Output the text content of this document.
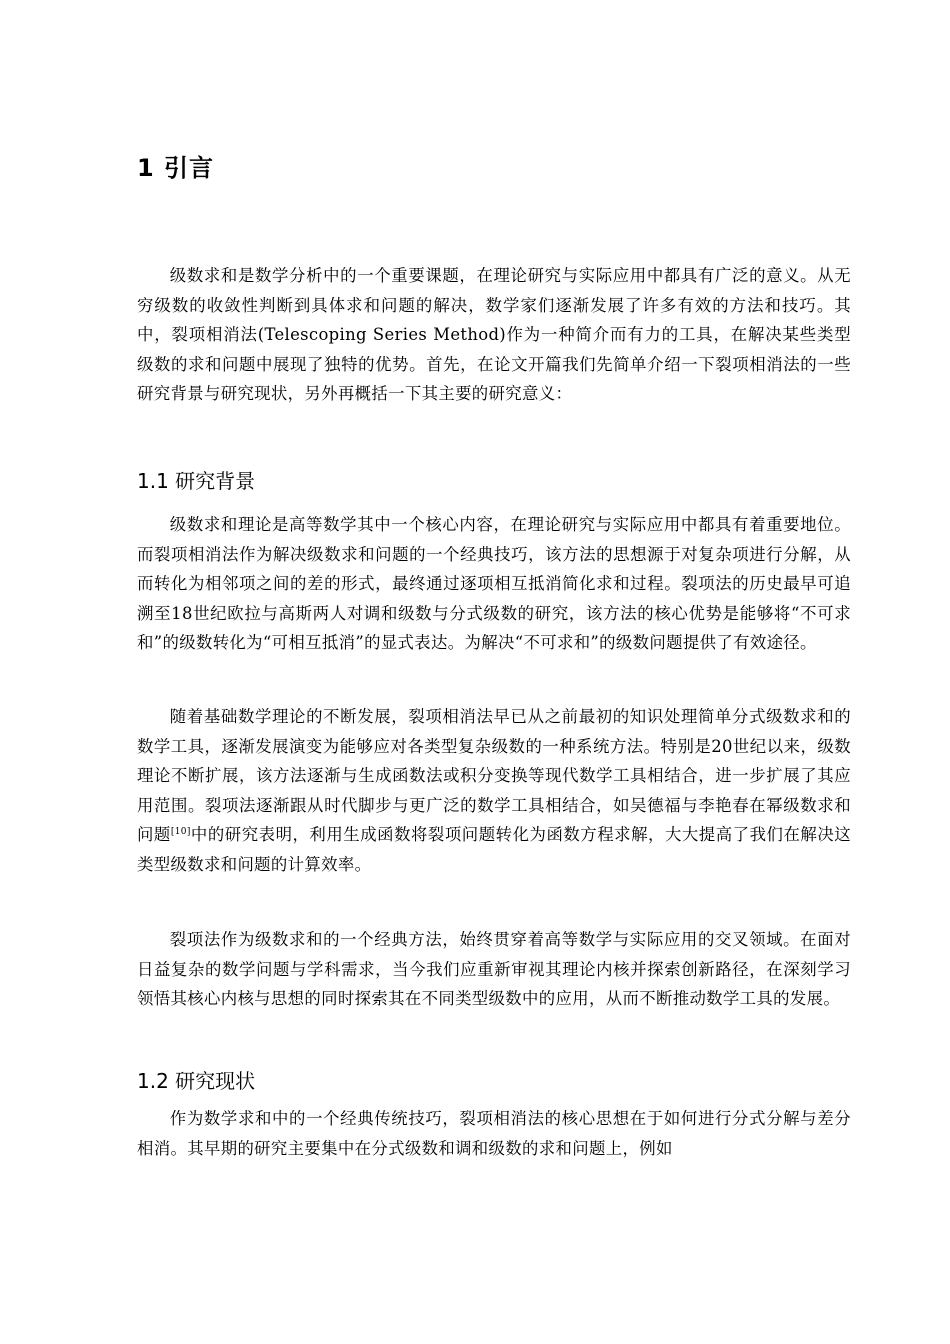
1 引言

级数求和是数学分析中的一个重要课题，在理论研究与实际应用中都具有广泛的意义。从无穷级数的收敛性判断到具体求和问题的解决，数学家们逐渐发展了许多有效的方法和技巧。其中，裂项相消法(Telescoping Series Method)作为一种简介而有力的工具，在解决某些类型级数的求和问题中展现了独特的优势。首先，在论文开篇我们先简单介绍一下裂项相消法的一些研究背景与研究现状，另外再概括一下其主要的研究意义：

1.1 研究背景

级数求和理论是高等数学其中一个核心内容，在理论研究与实际应用中都具有着重要地位。而裂项相消法作为解决级数求和问题的一个经典技巧，该方法的思想源于对复杂项进行分解，从而转化为相邻项之间的差的形式，最终通过逐项相互抵消简化求和过程。裂项法的历史最早可追溯至18世纪欧拉与高斯两人对调和级数与分式级数的研究，该方法的核心优势是能够将“不可求和”的级数转化为“可相互抵消”的显式表达。为解决“不可求和”的级数问题提供了有效途径。

随着基础数学理论的不断发展，裂项相消法早已从之前最初的知识处理简单分式级数求和的数学工具，逐渐发展演变为能够应对各类型复杂级数的一种系统方法。特别是20世纪以来，级数理论不断扩展，该方法逐渐与生成函数法或积分变换等现代数学工具相结合，进一步扩展了其应用范围。裂项法逐渐跟从时代脚步与更广泛的数学工具相结合，如吴德福与李艳春在幂级数求和问题[10]中的研究表明，利用生成函数将裂项问题转化为函数方程求解，大大提高了我们在解决这类型级数求和问题的计算效率。

裂项法作为级数求和的一个经典方法，始终贯穿着高等数学与实际应用的交叉领域。在面对日益复杂的数学问题与学科需求，当今我们应重新审视其理论内核并探索创新路径，在深刻学习领悟其核心内核与思想的同时探索其在不同类型级数中的应用，从而不断推动数学工具的发展。

1.2 研究现状

作为数学求和中的一个经典传统技巧，裂项相消法的核心思想在于如何进行分式分解与差分相消。其早期的研究主要集中在分式级数和调和级数的求和问题上，例如
